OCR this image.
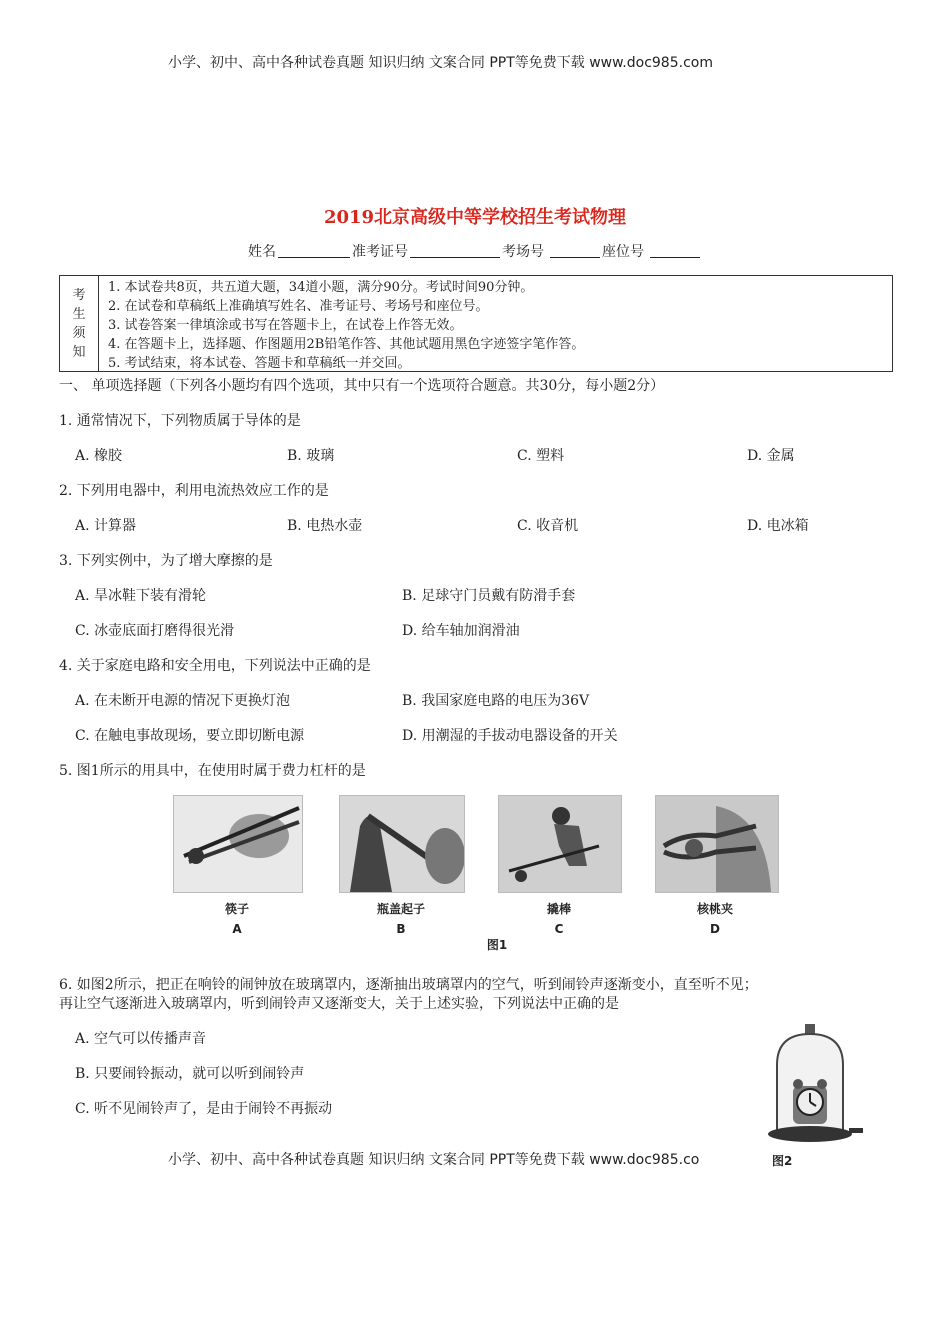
小学、初中、高中各种试卷真题 知识归纳 文案合同 PPT等免费下载 www.doc985.com
2019北京高级中等学校招生考试物理
姓名	准考证号	考场号	座位号
考
生
须
知
1. 本试卷共8页，共五道大题，34道小题，满分90分。考试时间90分钟。
2. 在试卷和草稿纸上准确填写姓名、准考证号、考场号和座位号。
3. 试卷答案一律填涂或书写在答题卡上，在试卷上作答无效。
4. 在答题卡上，选择题、作图题用2B铅笔作答、其他试题用黑色字迹签字笔作答。
5. 考试结束，将本试卷、答题卡和草稿纸一并交回。
一、 单项选择题（下列各小题均有四个选项，其中只有一个选项符合题意。共30分，每小题2分）
1. 通常情况下，下列物质属于导体的是
A. 橡胶	B. 玻璃	C. 塑料	D. 金属
2. 下列用电器中，利用电流热效应工作的是
A. 计算器	B. 电热水壶	C. 收音机	D. 电冰箱
3. 下列实例中，为了增大摩擦的是
A. 旱冰鞋下装有滑轮	B. 足球守门员戴有防滑手套
C. 冰壶底面打磨得很光滑	D. 给车轴加润滑油
4. 关于家庭电路和安全用电，下列说法中正确的是
A. 在未断开电源的情况下更换灯泡	B. 我国家庭电路的电压为36V
C. 在触电事故现场，要立即切断电源	D. 用潮湿的手拔动电器设备的开关
5. 图1所示的用具中，在使用时属于费力杠杆的是
筷子
A
瓶盖起子
B
撬棒
C
核桃夹
D
图1
6. 如图2所示，把正在响铃的闹钟放在玻璃罩内，逐渐抽出玻璃罩内的空气，听到闹铃声逐渐变小，直至听不见；
再让空气逐渐进入玻璃罩内，听到闹铃声又逐渐变大，关于上述实验，下列说法中正确的是
A. 空气可以传播声音
B. 只要闹铃振动，就可以听到闹铃声
C. 听不见闹铃声了，是由于闹铃不再振动
图2
小学、初中、高中各种试卷真题 知识归纳 文案合同 PPT等免费下载 www.doc985.co
